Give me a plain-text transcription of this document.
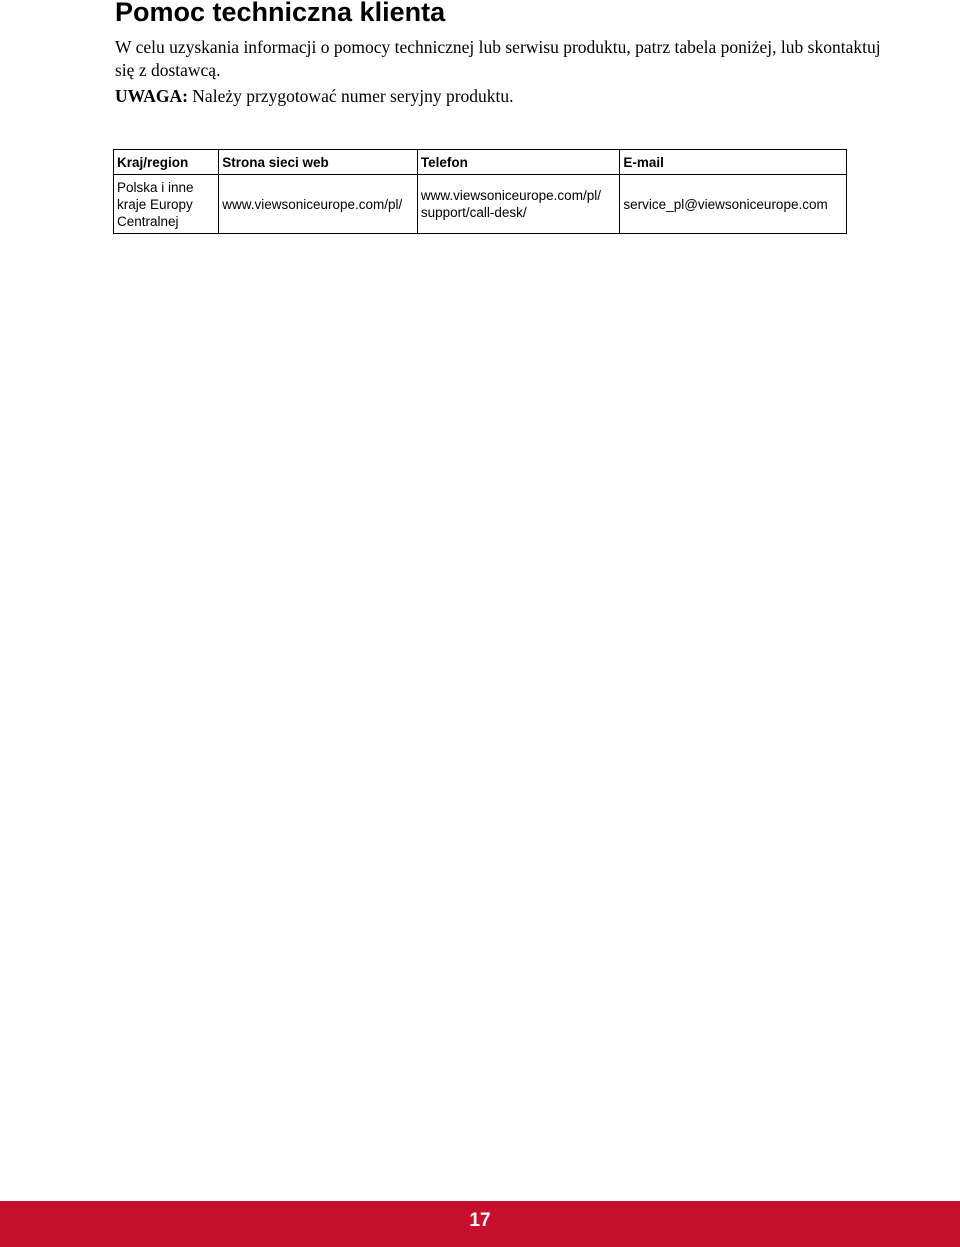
Pomoc techniczna klienta

W celu uzyskania informacji o pomocy technicznej lub serwisu produktu, patrz tabela poniżej, lub skontaktuj się z dostawcą.

UWAGA: Należy przygotować numer seryjny produktu.

Kraj/region	Strona sieci web	Telefon	E-mail
Polska i inne kraje Europy Centralnej	www.viewsoniceurope.com/pl/	www.viewsoniceurope.com/pl/ support/call-desk/	service_pl@viewsoniceurope.com
17
